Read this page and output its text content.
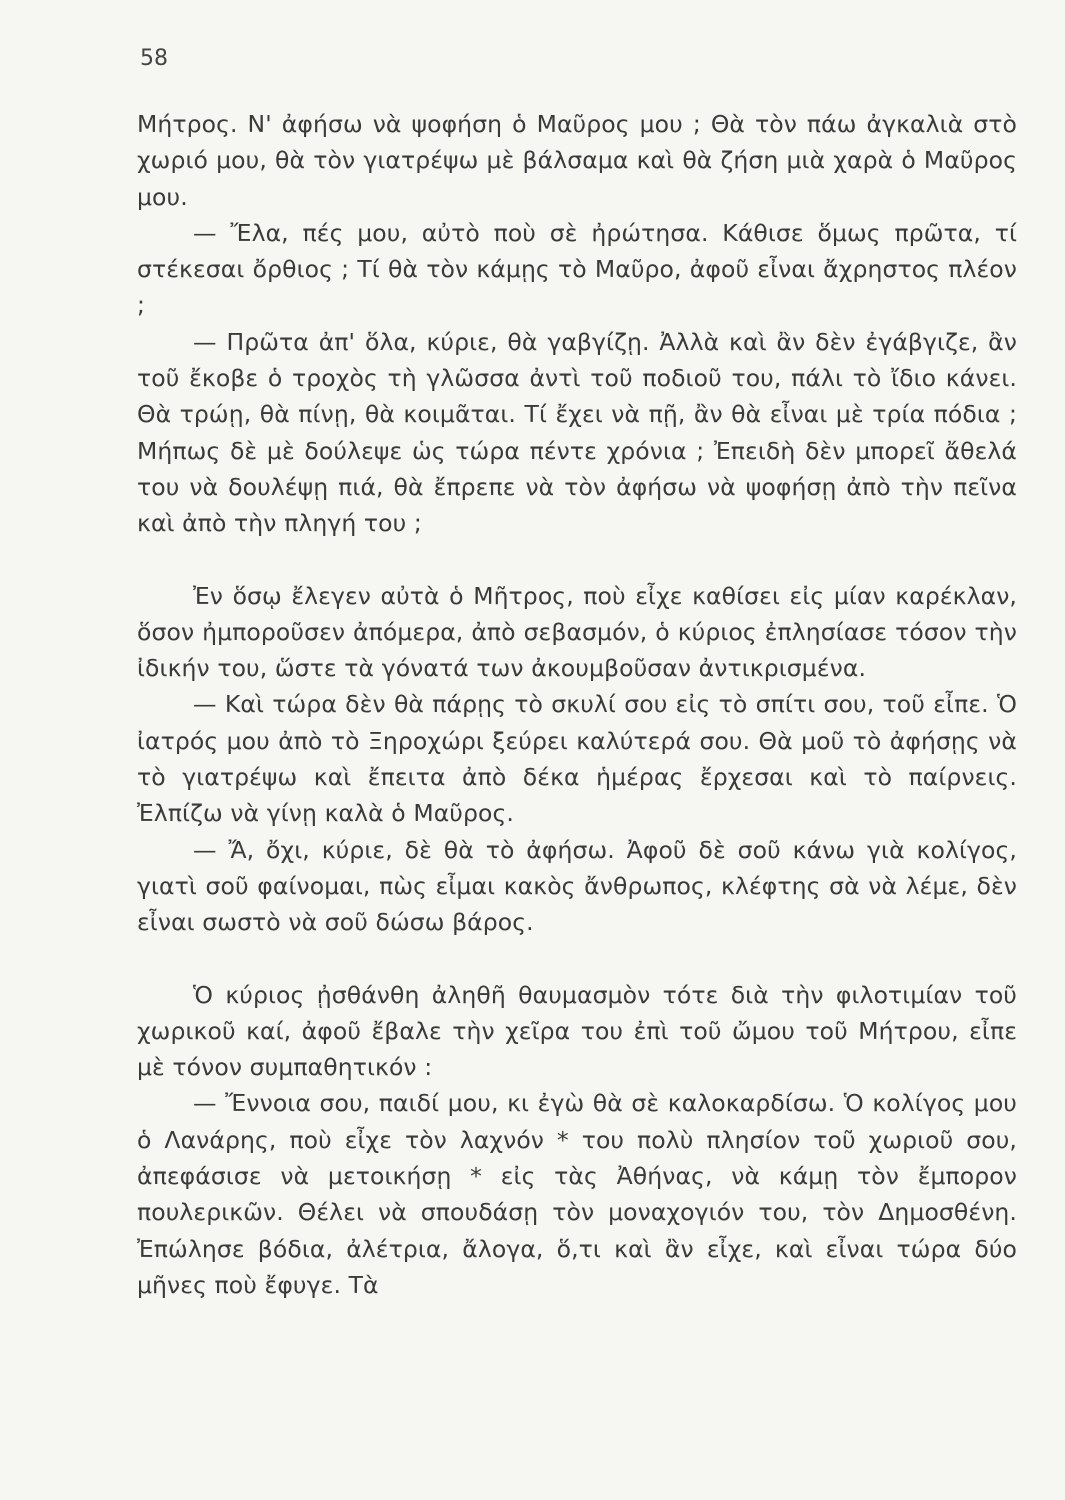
58

Μήτρος. Ν' ἀφήσω νὰ ψοφήση ὁ Μαῦρος μου ; Θὰ τὸν πάω ἀγκαλιὰ στὸ χωριό μου, θὰ τὸν γιατρέψω μὲ βάλσαμα καὶ θὰ ζήση μιὰ χαρὰ ὁ Μαῦρος μου.

— Ἔλα, πές μου, αὐτὸ ποὺ σὲ ἠρώτησα. Κάθισε ὅμως πρῶτα, τί στέκεσαι ὄρθιος ; Τί θὰ τὸν κάμῃς τὸ Μαῦρο, ἀφοῦ εἶναι ἄχρηστος πλέον ;

— Πρῶτα ἀπ' ὅλα, κύριε, θὰ γαβγίζῃ. Ἀλλὰ καὶ ἂν δὲν ἐγάβγιζε, ἂν τοῦ ἔκοβε ὁ τροχὸς τὴ γλῶσσα ἀντὶ τοῦ ποδιοῦ του, πάλι τὸ ἴδιο κάνει. Θὰ τρώῃ, θὰ πίνῃ, θὰ κοιμᾶται. Τί ἔχει νὰ πῇ, ἂν θὰ εἶναι μὲ τρία πόδια ; Μήπως δὲ μὲ δούλεψε ὡς τώρα πέντε χρόνια ; Ἐπειδὴ δὲν μπορεῖ ἄθελά του νὰ δουλέψῃ πιά, θὰ ἔπρεπε νὰ τὸν ἀφήσω νὰ ψοφήσῃ ἀπὸ τὴν πεῖνα καὶ ἀπὸ τὴν πληγή του ;

Ἐν ὅσῳ ἔλεγεν αὐτὰ ὁ Μῆτρος, ποὺ εἶχε καθίσει εἰς μίαν καρέκλαν, ὅσον ἠμποροῦσεν ἀπόμερα, ἀπὸ σεβασμόν, ὁ κύριος ἐπλησίασε τόσον τὴν ἰδικήν του, ὥστε τὰ γόνατά των ἀκουμβοῦσαν ἀντικρισμένα.

— Καὶ τώρα δὲν θὰ πάρῃς τὸ σκυλί σου εἰς τὸ σπίτι σου, τοῦ εἶπε. Ὁ ἰατρός μου ἀπὸ τὸ Ξηροχώρι ξεύρει καλύτερά σου. Θὰ μοῦ τὸ ἀφήσῃς νὰ τὸ γιατρέψω καὶ ἔπειτα ἀπὸ δέκα ἡμέρας ἔρχεσαι καὶ τὸ παίρνεις. Ἐλπίζω νὰ γίνῃ καλὰ ὁ Μαῦρος.

— Ἄ, ὄχι, κύριε, δὲ θὰ τὸ ἀφήσω. Ἀφοῦ δὲ σοῦ κάνω γιὰ κολίγος, γιατὶ σοῦ φαίνομαι, πὼς εἶμαι κακὸς ἄνθρωπος, κλέφτης σὰ νὰ λέμε, δὲν εἶναι σωστὸ νὰ σοῦ δώσω βάρος.

Ὁ κύριος ᾐσθάνθη ἀληθῆ θαυμασμὸν τότε διὰ τὴν φιλοτιμίαν τοῦ χωρικοῦ καί, ἀφοῦ ἔβαλε τὴν χεῖρα του ἐπὶ τοῦ ὤμου τοῦ Μήτρου, εἶπε μὲ τόνον συμπαθητικόν :

— Ἔννοια σου, παιδί μου, κι ἐγὼ θὰ σὲ καλοκαρδίσω. Ὁ κολίγος μου ὁ Λανάρης, ποὺ εἶχε τὸν λαχνόν * του πολὺ πλησίον τοῦ χωριοῦ σου, ἀπεφάσισε νὰ μετοικήσῃ * εἰς τὰς Ἀθήνας, νὰ κάμῃ τὸν ἔμπορον πουλερικῶν. Θέλει νὰ σπουδάσῃ τὸν μοναχογιόν του, τὸν Δημοσθένη. Ἐπώλησε βόδια, ἀλέτρια, ἄλογα, ὅ,τι καὶ ἂν εἶχε, καὶ εἶναι τώρα δύο μῆνες ποὺ ἔφυγε. Τὰ
